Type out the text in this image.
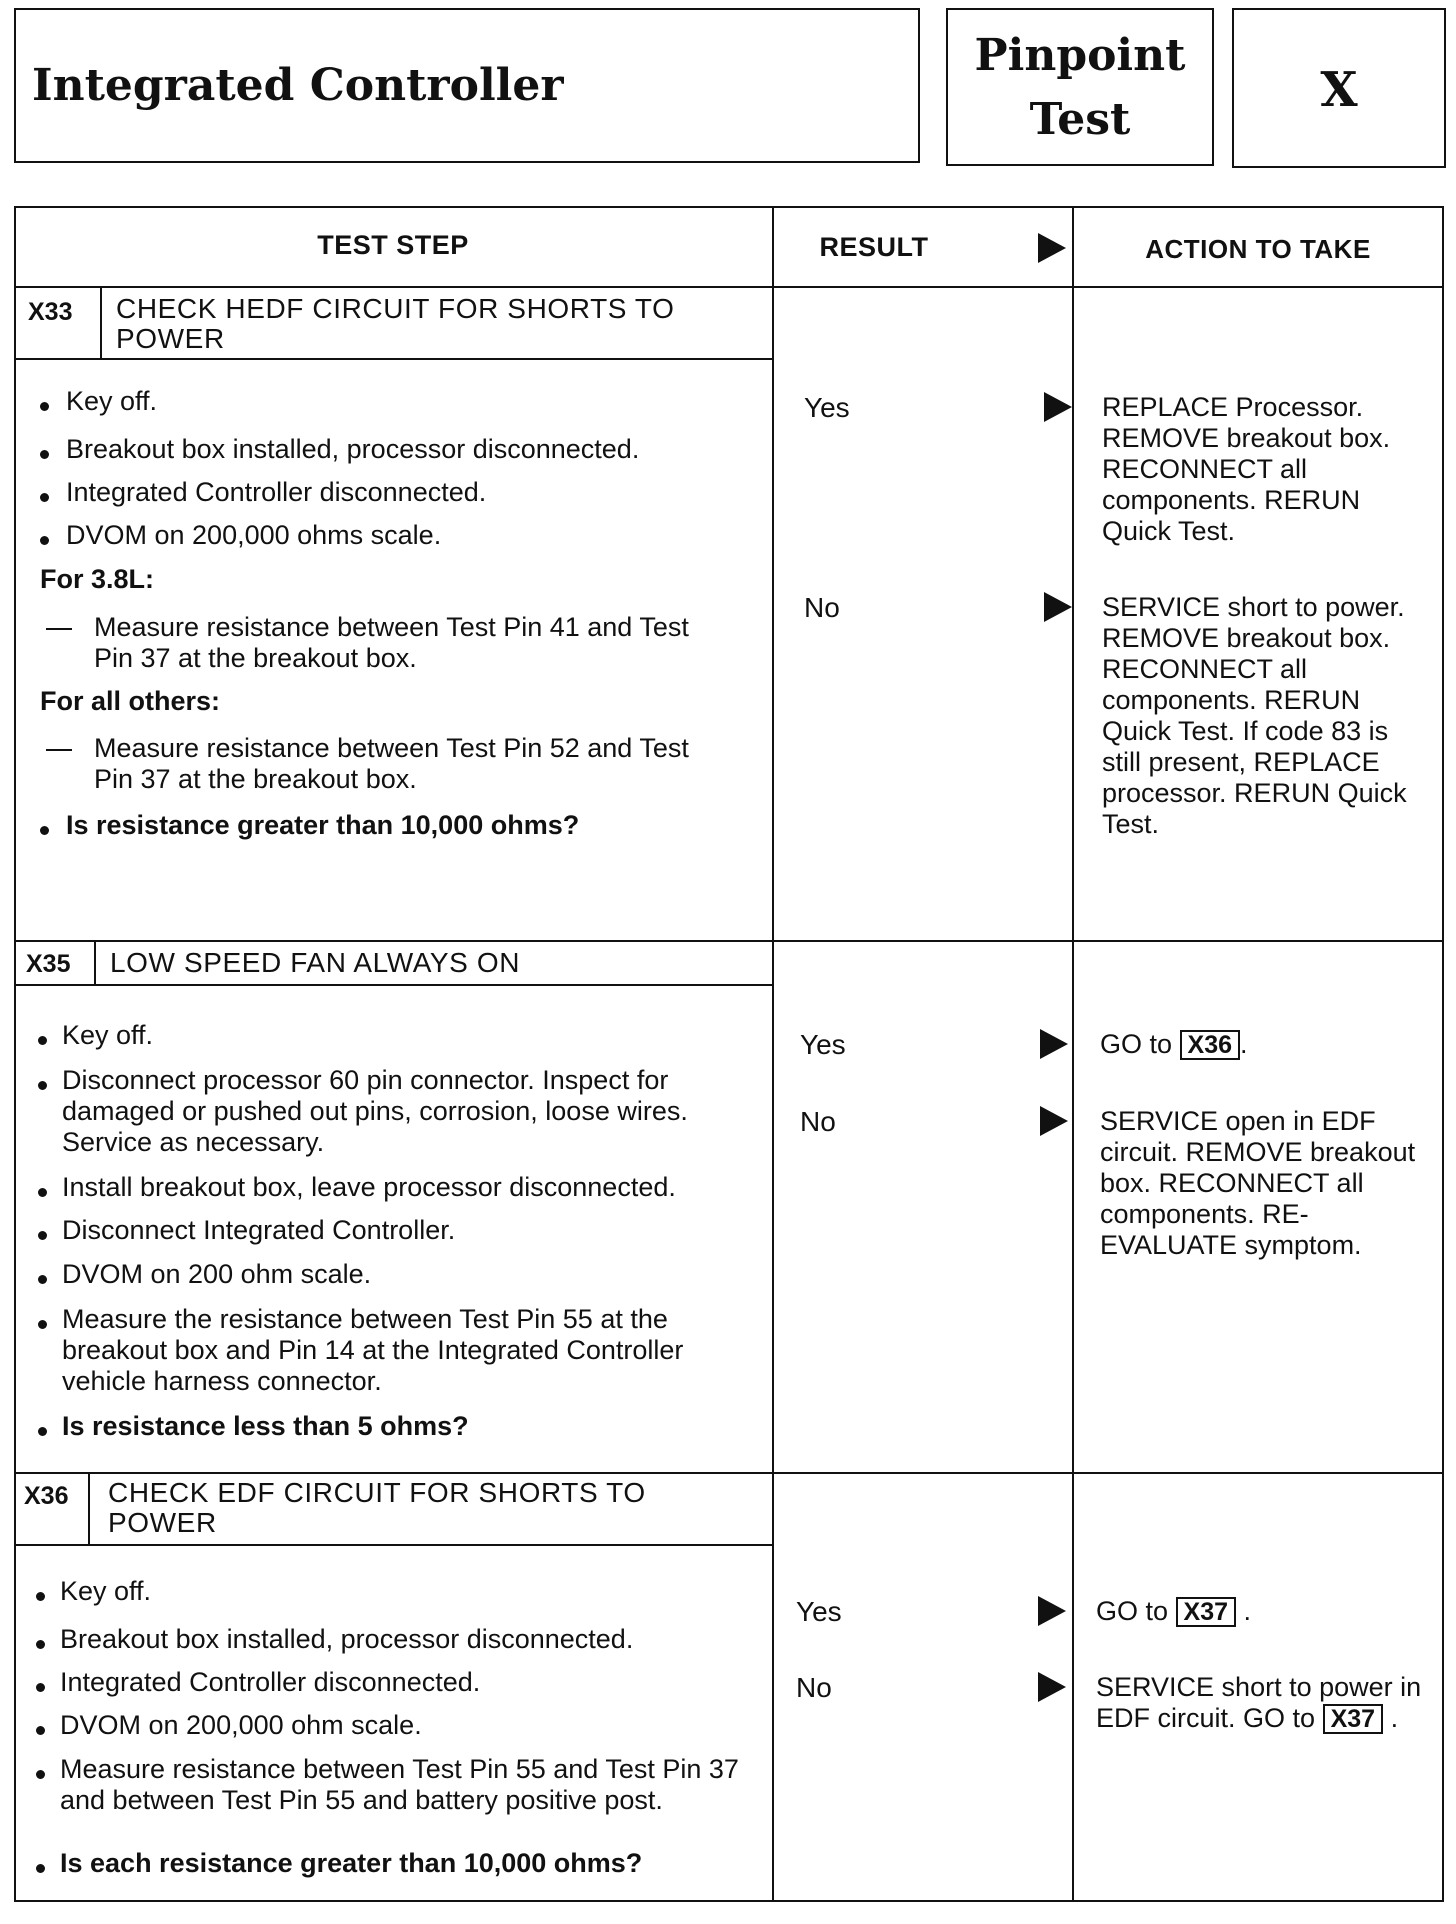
Integrated Controller
Pinpoint
Test
X
TEST STEP	RESULT	ACTION TO TAKE
X33 CHECK HEDF CIRCUIT FOR SHORTS TO POWER
Key off.
Breakout box installed, processor disconnected.
Integrated Controller disconnected.
DVOM on 200,000 ohms scale.
For 3.8L:
Measure resistance between Test Pin 41 and Test Pin 37 at the breakout box.
For all others:
Measure resistance between Test Pin 52 and Test Pin 37 at the breakout box.
Is resistance greater than 10,000 ohms?
Yes	REPLACE Processor. REMOVE breakout box. RECONNECT all components. RERUN Quick Test.
No	SERVICE short to power. REMOVE breakout box. RECONNECT all components. RERUN Quick Test. If code 83 is still present, REPLACE processor. RERUN Quick Test.
X35 LOW SPEED FAN ALWAYS ON
Key off.
Disconnect processor 60 pin connector. Inspect for damaged or pushed out pins, corrosion, loose wires. Service as necessary.
Install breakout box, leave processor disconnected.
Disconnect Integrated Controller.
DVOM on 200 ohm scale.
Measure the resistance between Test Pin 55 at the breakout box and Pin 14 at the Integrated Controller vehicle harness connector.
Is resistance less than 5 ohms?
Yes	GO to X36 .
No	SERVICE open in EDF circuit. REMOVE breakout box. RECONNECT all components. RE-EVALUATE symptom.
X36 CHECK EDF CIRCUIT FOR SHORTS TO POWER
Key off.
Breakout box installed, processor disconnected.
Integrated Controller disconnected.
DVOM on 200,000 ohm scale.
Measure resistance between Test Pin 55 and Test Pin 37 and between Test Pin 55 and battery positive post.
Is each resistance greater than 10,000 ohms?
Yes	GO to X37 .
No	SERVICE short to power in EDF circuit. GO to X37 .
